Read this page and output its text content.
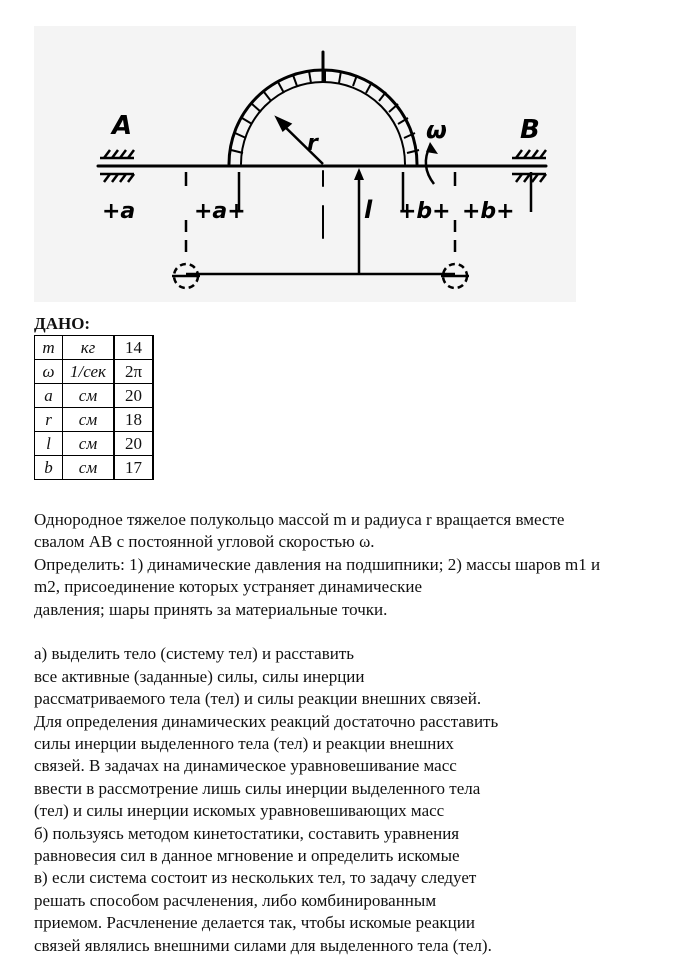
r
A	B
ω
+a	+a+	l +b+ +b+
ДАНО:
m	кг	14
ω	1/сек	2π
a	см	20
r	см	18
l	см	20
b	см	17

Однородное тяжелое полукольцо массой m и радиуса r вращается вместе

свалом AB с постоянной угловой скоростью ω.

Определить: 1) динамические давления на подшипники; 2) массы шаров m1 и

m2, присоединение которых устраняет динамические

давления; шары принять за материальные точки.

а) выделить тело (систему тел) и расставить

все активные (заданные) силы, силы инерции

рассматриваемого тела (тел) и силы реакции внешних связей.

Для определения динамических реакций достаточно расставить

силы инерции выделенного тела (тел) и реакции внешних

связей. В задачах на динамическое уравновешивание масс

ввести в рассмотрение лишь силы инерции выделенного тела

(тел) и силы инерции искомых уравновешивающих масс

б) пользуясь методом кинетостатики, составить уравнения

равновесия сил в данное мгновение и определить искомые

в) если система состоит из нескольких тел, то задачу следует

решать способом расчленения, либо комбинированным

приемом. Расчленение делается так, чтобы искомые реакции

связей являлись внешними силами для выделенного тела (тел).
